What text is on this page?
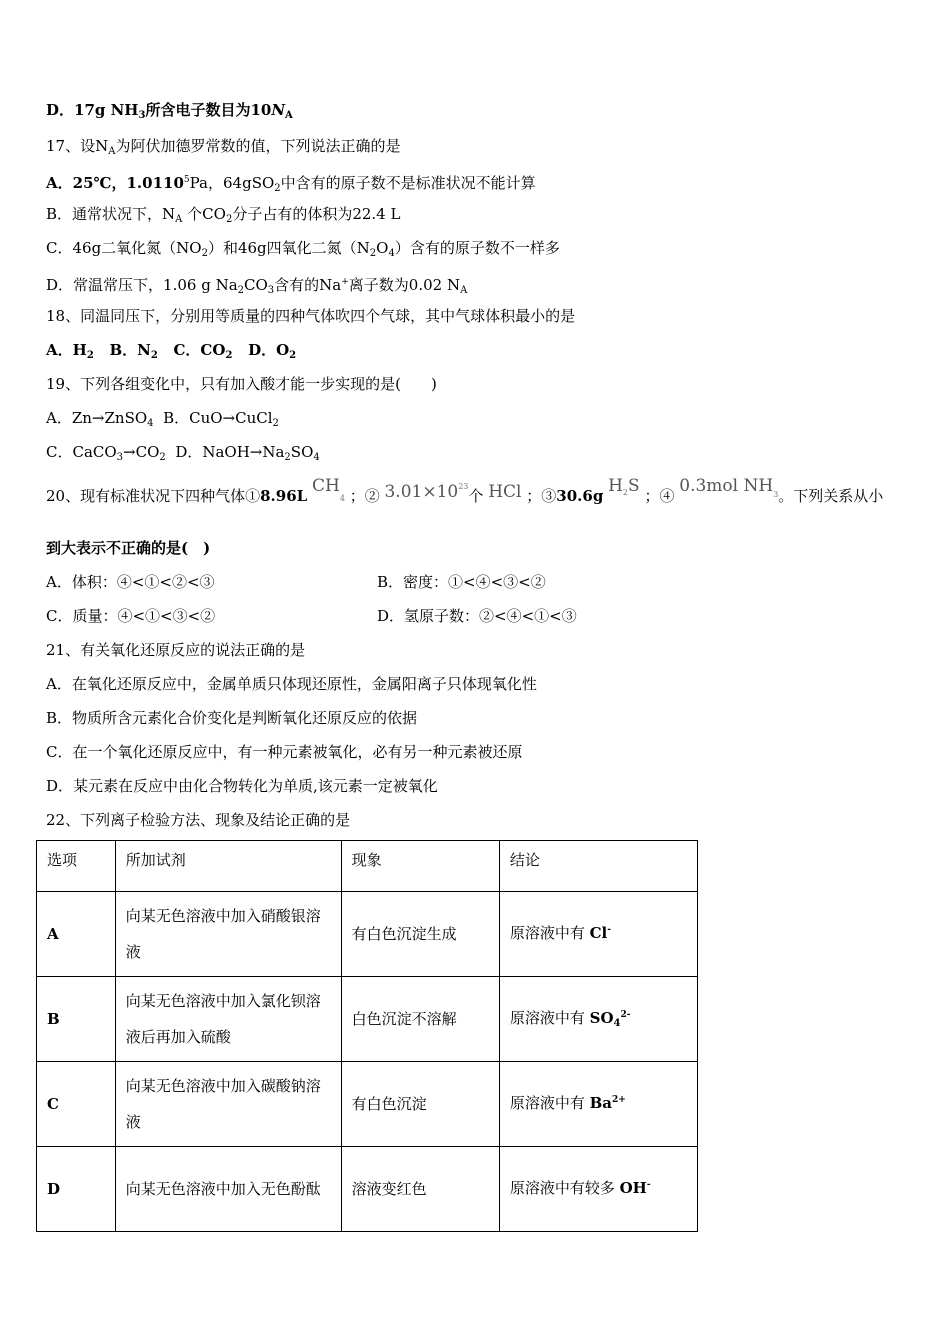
D．17g $NH_3$所含电子数目为$10N_A$
17、设$N_A$为阿伏加德罗常数的值，下列说法正确的是
A．25℃，1.0110$^5$Pa，64gSO$_2$中含有的原子数不是标准状况不能计算
B．通常状况下，$N_A$ 个$CO_2$分子占有的体积为22.4 L
C．46g二氧化氮$(NO_2)$和46g四氧化二氮$(N_2O_4)$含有的原子数不一样多
D．常温常压下，1.06 g $Na_2CO_3$含有的Na+离子数为0.02 $N_A$
18、同温同压下，分别用等质量的四种气体吹四个气球，其中气球体积最小的是
A．$H_2$ B．$N_2$ C．$CO_2$ D．$O_2$
19、下列各组变化中，只有加入酸才能一步实现的是(　　)
A．Zn→ZnSO$_4$ B．CuO→CuCl$_2$
C．$CaCO_3\to CO_2$ D．$NaOH\to Na_2SO_4$
20、现有标准状况下四种气体①8.96L CH4 ；② $3.01\times 10^{23}$个 HCl ；③30.6g $H^2S$ ；④ 0.3mol $NH^3$。下列关系从小
到大表示不正确的是(　)
A．体积：④<①<②<③	B．密度：①<④<③<②
C．质量：④<①<③<②	D．氢原子数：②<④<①<③
21、有关氧化还原反应的说法正确的是
A．在氧化还原反应中，金属单质只体现还原性，金属阳离子只体现氧化性
B．物质所含元素化合价变化是判断氧化还原反应的依据
C．在一个氧化还原反应中，有一种元素被氧化，必有另一种元素被还原
D．某元素在反应中由化合物转化为单质,该元素一定被氧化
22、下列离子检验方法、现象及结论正确的是
选项	所加试剂	现象	结论
A	向某无色溶液中加入硝酸银溶液	有白色沉淀生成	原溶液中有 Cl-
B	向某无色溶液中加入氯化钡溶液后再加入硫酸	白色沉淀不溶解	原溶液中有 $SO_4^{2-}$
C	向某无色溶液中加入碳酸钠溶液	有白色沉淀	原溶液中有 $Ba^{2+}$
D	向某无色溶液中加入无色酚酞	溶液变红色	原溶液中有较多 OH-
